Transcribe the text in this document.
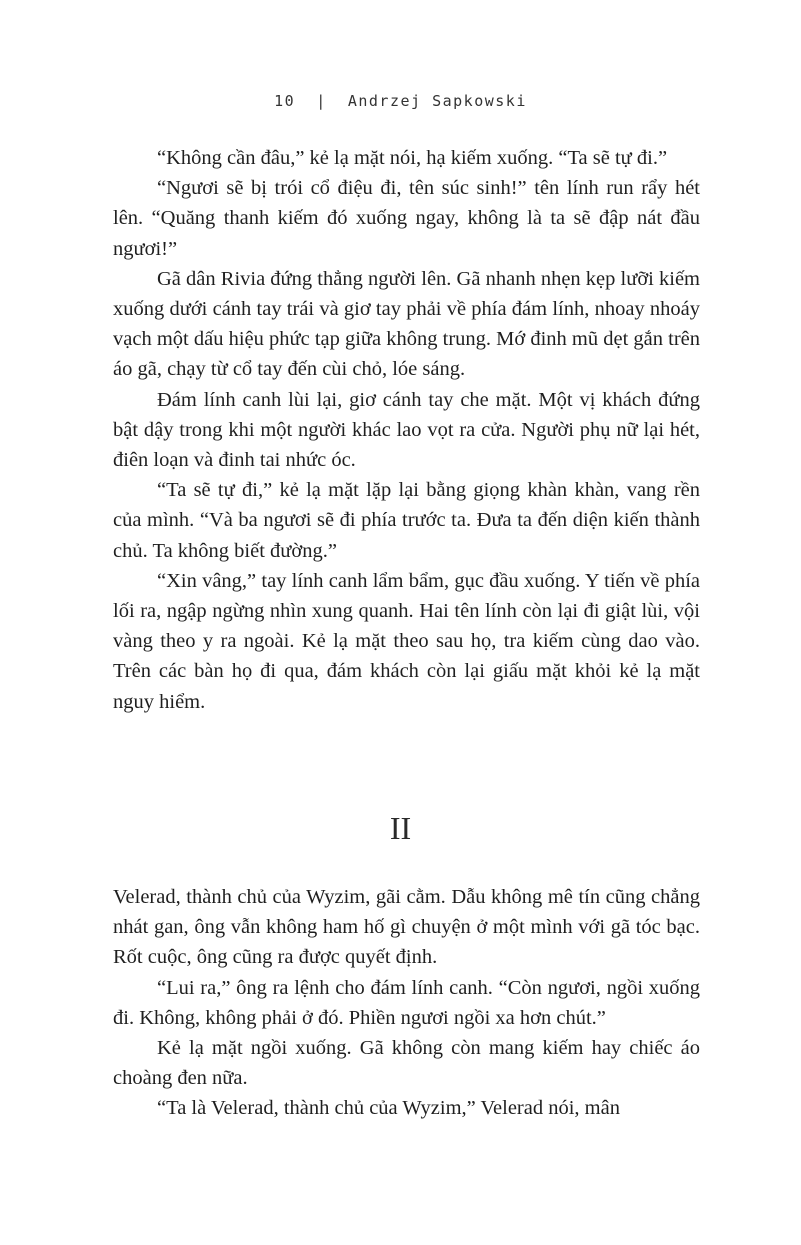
10 | Andrzej Sapkowski

“Không cần đâu,” kẻ lạ mặt nói, hạ kiếm xuống. “Ta sẽ tự đi.”

“Ngươi sẽ bị trói cổ điệu đi, tên súc sinh!” tên lính run rẩy hét lên. “Quăng thanh kiếm đó xuống ngay, không là ta sẽ đập nát đầu ngươi!”

Gã dân Rivia đứng thẳng người lên. Gã nhanh nhẹn kẹp lưỡi kiếm xuống dưới cánh tay trái và giơ tay phải về phía đám lính, nhoay nhoáy vạch một dấu hiệu phức tạp giữa không trung. Mớ đinh mũ dẹt gắn trên áo gã, chạy từ cổ tay đến cùi chỏ, lóe sáng.

Đám lính canh lùi lại, giơ cánh tay che mặt. Một vị khách đứng bật dậy trong khi một người khác lao vọt ra cửa. Người phụ nữ lại hét, điên loạn và đinh tai nhức óc.

“Ta sẽ tự đi,” kẻ lạ mặt lặp lại bằng giọng khàn khàn, vang rền của mình. “Và ba ngươi sẽ đi phía trước ta. Đưa ta đến diện kiến thành chủ. Ta không biết đường.”

“Xin vâng,” tay lính canh lẩm bẩm, gục đầu xuống. Y tiến về phía lối ra, ngập ngừng nhìn xung quanh. Hai tên lính còn lại đi giật lùi, vội vàng theo y ra ngoài. Kẻ lạ mặt theo sau họ, tra kiếm cùng dao vào. Trên các bàn họ đi qua, đám khách còn lại giấu mặt khỏi kẻ lạ mặt nguy hiểm.

II

Velerad, thành chủ của Wyzim, gãi cằm. Dẫu không mê tín cũng chẳng nhát gan, ông vẫn không ham hố gì chuyện ở một mình với gã tóc bạc. Rốt cuộc, ông cũng ra được quyết định.

“Lui ra,” ông ra lệnh cho đám lính canh. “Còn ngươi, ngồi xuống đi. Không, không phải ở đó. Phiền ngươi ngồi xa hơn chút.”

Kẻ lạ mặt ngồi xuống. Gã không còn mang kiếm hay chiếc áo choàng đen nữa.

“Ta là Velerad, thành chủ của Wyzim,” Velerad nói, mân
